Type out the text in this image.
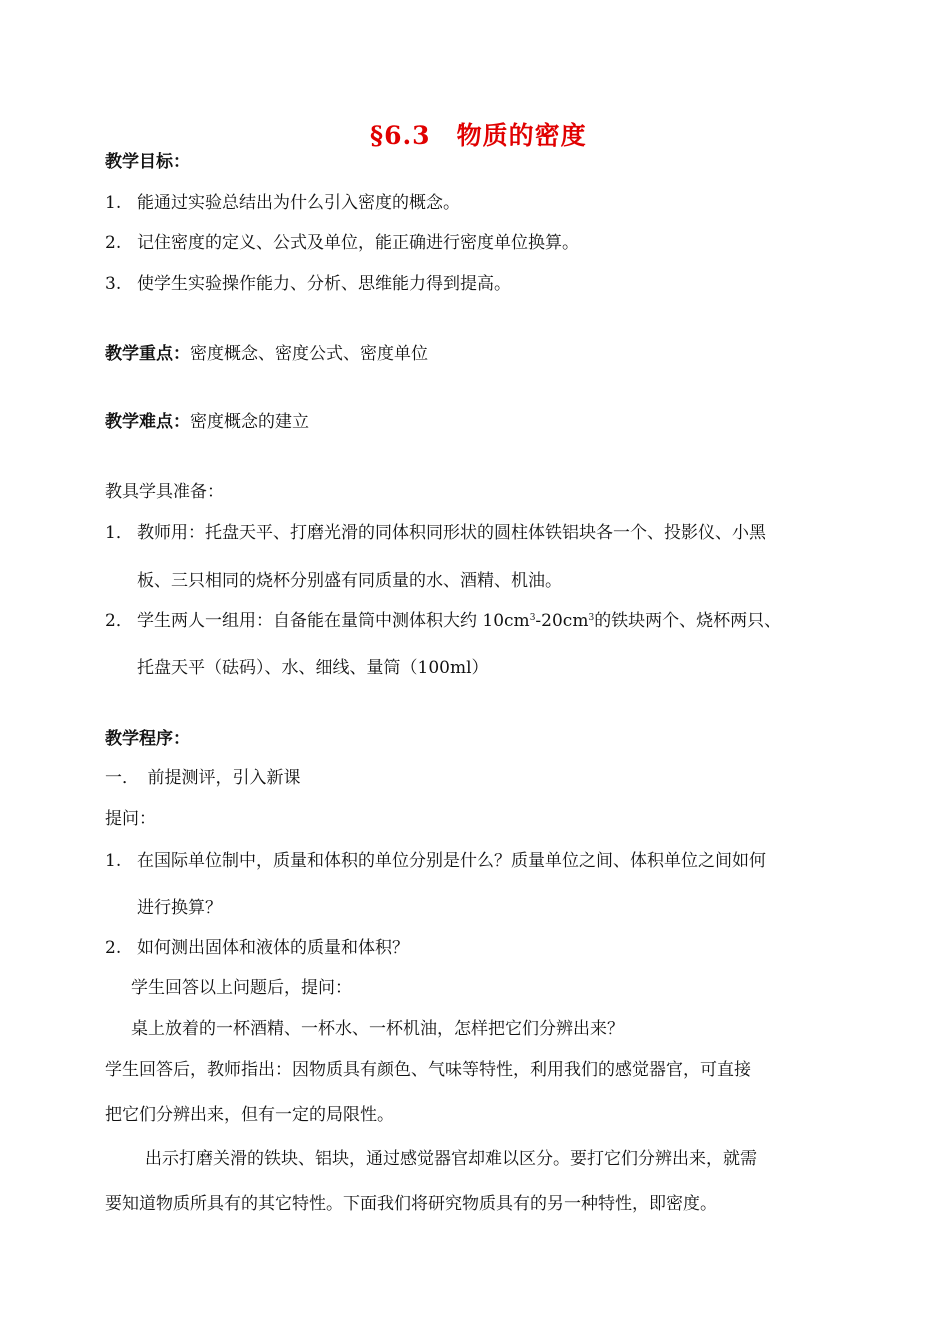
§6.3　物质的密度
教学目标：
1. 能通过实验总结出为什么引入密度的概念。
2. 记住密度的定义、公式及单位，能正确进行密度单位换算。
3. 使学生实验操作能力、分析、思维能力得到提高。
教学重点：密度概念、密度公式、密度单位
教学难点：密度概念的建立
教具学具准备：
1． 教师用：托盘天平、打磨光滑的同体积同形状的圆柱体铁铝块各一个、投影仪、小黑
板、三只相同的烧杯分别盛有同质量的水、酒精、机油。
2． 学生两人一组用：自备能在量筒中测体积大约 $10cm^3-20cm^3$的铁块两个、烧杯两只、
托盘天平（砝码）、水、细线、量筒（100ml）
教学程序：
一．　前提测评，引入新课
提问：
1. 在国际单位制中，质量和体积的单位分别是什么？质量单位之间、体积单位之间如何
进行换算？
2. 如何测出固体和液体的质量和体积？
学生回答以上问题后，提问：
桌上放着的一杯酒精、一杯水、一杯机油，怎样把它们分辨出来？
学生回答后，教师指出：因物质具有颜色、气味等特性，利用我们的感觉器官，可直接
把它们分辨出来，但有一定的局限性。
出示打磨关滑的铁块、铝块，通过感觉器官却难以区分。要打它们分辨出来，就需
要知道物质所具有的其它特性。下面我们将研究物质具有的另一种特性，即密度。
